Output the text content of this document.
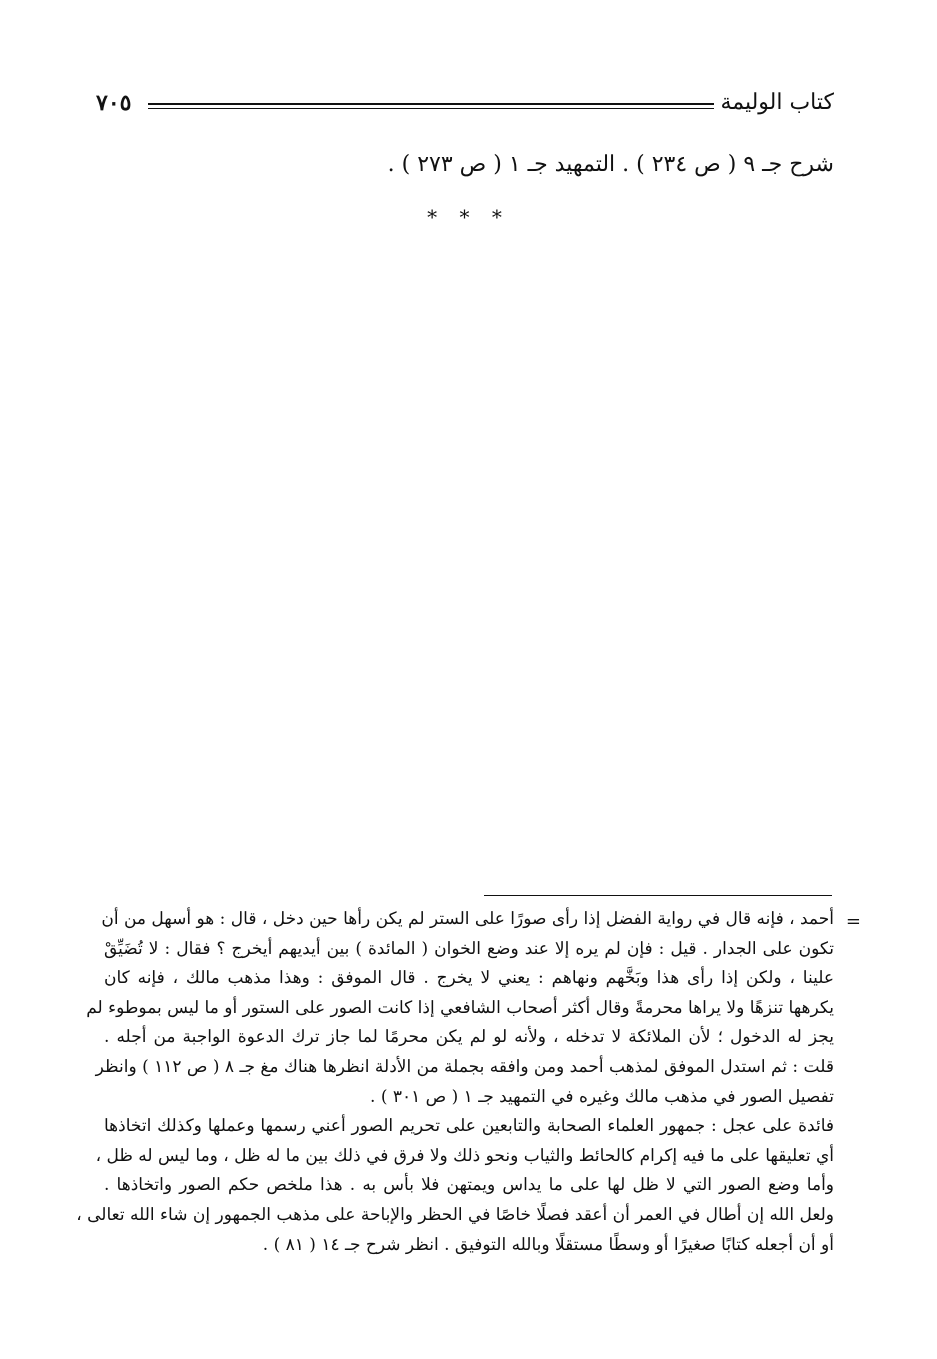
كتاب الوليمة
٧٠٥
شرح جـ ٩ ( ص ٢٣٤ ) . التمهيد جـ ١ ( ص ٢٧٣ ) .
* * *
=
أحمد ، فإنه قال في رواية الفضل إذا رأى صورًا على الستر لم يكن رأها حين دخل ، قال : هو أسهل من أن
تكون على الجدار . قيل : فإن لم يره إلا عند وضع الخوان ( المائدة ) بين أيديهم أيخرج ؟ فقال : لا تُضَيِّقْ
علينا ، ولكن إذا رأى هذا وبَخَّهم ونهاهم : يعني لا يخرج . قال الموفق : وهذا مذهب مالك ، فإنه كان
يكرهها تنزهًا ولا يراها محرمةً وقال أكثر أصحاب الشافعي إذا كانت الصور على الستور أو ما ليس بموطوء لم
يجز له الدخول ؛ لأن الملائكة لا تدخله ، ولأنه لو لم يكن محرمًا لما جاز ترك الدعوة الواجبة من أجله .
قلت : ثم استدل الموفق لمذهب أحمد ومن وافقه بجملة من الأدلة انظرها هناك مغ جـ ٨ ( ص ١١٢ ) وانظر
تفصيل الصور في مذهب مالك وغيره في التمهيد جـ ١ ( ص ٣٠١ ) .
فائدة على عجل : جمهور العلماء الصحابة والتابعين على تحريم الصور أعني رسمها وعملها وكذلك اتخاذها
أي تعليقها على ما فيه إكرام كالحائط والثياب ونحو ذلك ولا فرق في ذلك بين ما له ظل ، وما ليس له ظل ،
وأما وضع الصور التي لا ظل لها على ما يداس ويمتهن فلا بأس به . هذا ملخص حكم الصور واتخاذها .
ولعل الله إن أطال في العمر أن أعقد فصلًا خاصًا في الحظر والإباحة على مذهب الجمهور إن شاء الله تعالى ،
أو أن أجعله كتابًا صغيرًا أو وسطًا مستقلًا وبالله التوفيق . انظر شرح جـ ١٤ ( ٨١ ) .
